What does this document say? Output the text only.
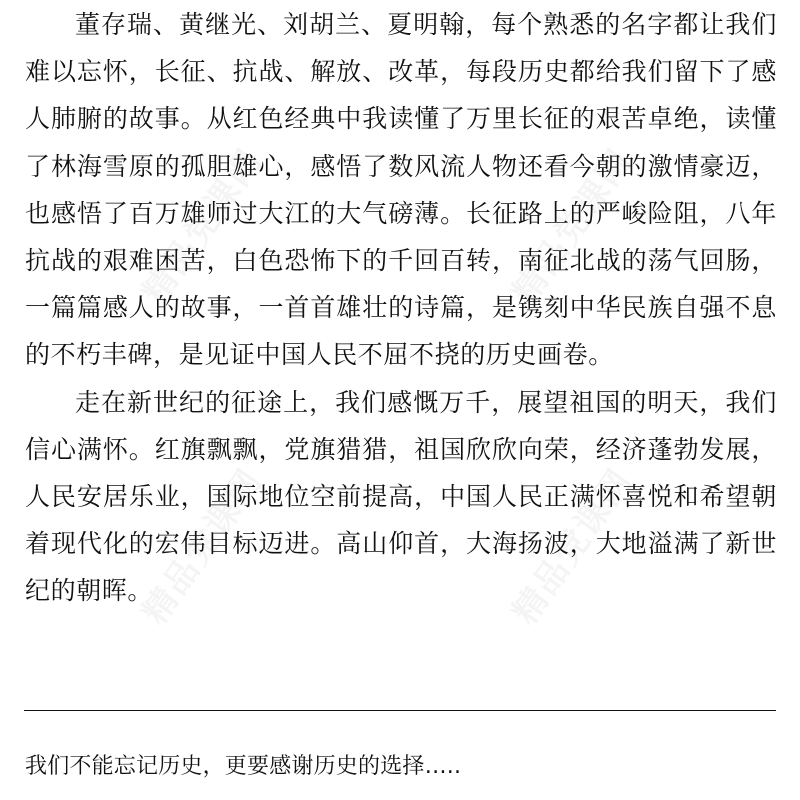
董存瑞、黄继光、刘胡兰、夏明翰，每个熟悉的名字都让我们难以忘怀，长征、抗战、解放、改革，每段历史都给我们留下了感人肺腑的故事。从红色经典中我读懂了万里长征的艰苦卓绝，读懂了林海雪原的孤胆雄心，感悟了数风流人物还看今朝的激情豪迈，也感悟了百万雄师过大江的大气磅薄。长征路上的严峻险阻，八年抗战的艰难困苦，白色恐怖下的千回百转，南征北战的荡气回肠，一篇篇感人的故事，一首首雄壮的诗篇，是镌刻中华民族自强不息的不朽丰碑，是见证中国人民不屈不挠的历史画卷。

走在新世纪的征途上，我们感慨万千，展望祖国的明天，我们信心满怀。红旗飘飘，党旗猎猎，祖国欣欣向荣，经济蓬勃发展，人民安居乐业，国际地位空前提高，中国人民正满怀喜悦和希望朝着现代化的宏伟目标迈进。高山仰首，大海扬波，大地溢满了新世纪的朝晖。

我们不能忘记历史，更要感谢历史的选择…..
